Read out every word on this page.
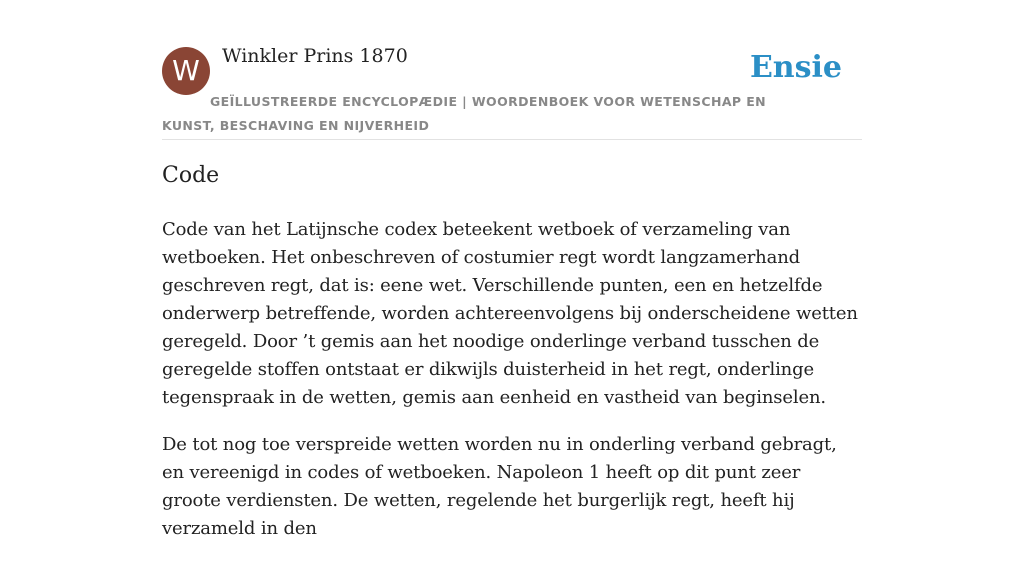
W	Winkler Prins 1870	Ensie
GEÏLLUSTREERDE ENCYCLOPÆDIE | WOORDENBOEK VOOR WETENSCHAP EN KUNST, BESCHAVING EN NIJVERHEID
Code

Code van het Latijnsche codex beteekent wetboek of verzameling van wetboeken. Het onbeschreven of costumier regt wordt langzamerhand geschreven regt, dat is: eene wet. Verschillende punten, een en hetzelfde onderwerp betreffende, worden achtereenvolgens bij onderscheidene wetten geregeld. Door ’t gemis aan het noodige onderlinge verband tusschen de geregelde stoffen ontstaat er dikwijls duisterheid in het regt, onderlinge tegenspraak in de wetten, gemis aan eenheid en vastheid van beginselen.

De tot nog toe verspreide wetten worden nu in onderling verband gebragt, en vereenigd in codes of wetboeken. Napoleon 1 heeft op dit punt zeer groote verdiensten. De wetten, regelende het burgerlijk regt, heeft hij verzameld in den
